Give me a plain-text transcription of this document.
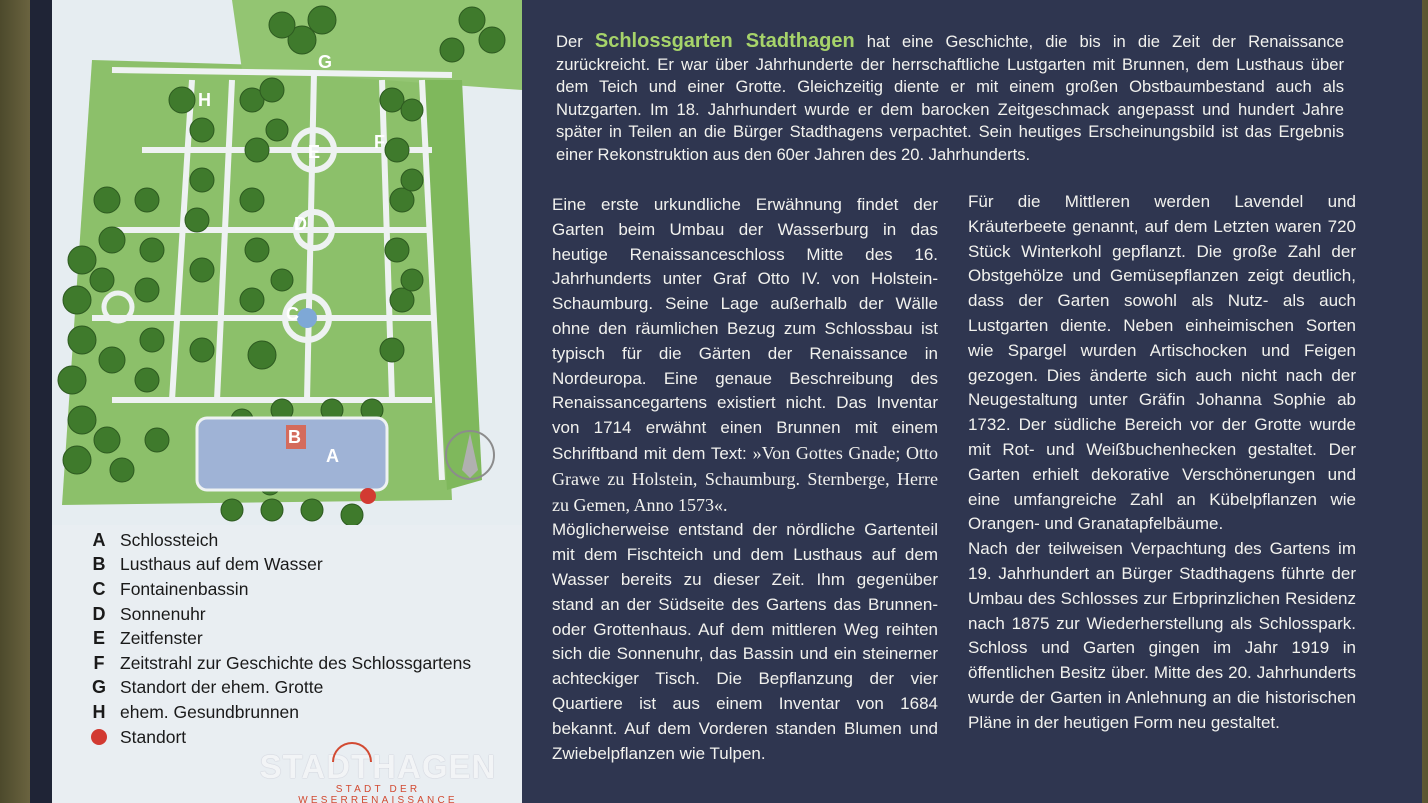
G
H
E	F
D
C
B
A
A Schlossteich
B Lusthaus auf dem Wasser
C Fontainenbassin
D Sonnenuhr
E Zeitfenster
F Zeitstrahl zur Geschichte des Schlossgartens
G Standort der ehem. Grotte
H ehem. Gesundbrunnen
Standort
STADTHAGEN
STADT DER WESERRENAISSANCE

Der Schlossgarten Stadthagen hat eine Geschichte, die bis in die Zeit der Renaissance zurückreicht. Er war über Jahrhunderte der herrschaftliche Lustgarten mit Brunnen, dem Lusthaus über dem Teich und einer Grotte. Gleichzeitig diente er mit einem großen Obstbaumbestand auch als Nutzgarten. Im 18. Jahrhundert wurde er dem barocken Zeitgeschmack angepasst und hundert Jahre später in Teilen an die Bürger Stadthagens verpachtet. Sein heutiges Erscheinungsbild ist das Ergebnis einer Rekonstruktion aus den 60er Jahren des 20. Jahrhunderts.

Eine erste urkundliche Erwähnung findet der Garten beim Umbau der Wasserburg in das heutige Renaissanceschloss Mitte des 16. Jahrhunderts unter Graf Otto IV. von Holstein-Schaumburg. Seine Lage außerhalb der Wälle ohne den räumlichen Bezug zum Schlossbau ist typisch für die Gärten der Renaissance in Nordeuropa. Eine genaue Beschreibung des Renaissancegartens existiert nicht. Das Inventar von 1714 erwähnt einen Brunnen mit einem Schriftband mit dem Text: »Von Gottes Gnade; Otto Grawe zu Holstein, Schaumburg. Sternberge, Herre zu Gemen, Anno 1573«.

Möglicherweise entstand der nördliche Gartenteil mit dem Fischteich und dem Lusthaus auf dem Wasser bereits zu dieser Zeit. Ihm gegenüber stand an der Südseite des Gartens das Brunnen- oder Grottenhaus. Auf dem mittleren Weg reihten sich die Sonnenuhr, das Bassin und ein steinerner achteckiger Tisch. Die Bepflanzung der vier Quartiere ist aus einem Inventar von 1684 bekannt. Auf dem Vorderen standen Blumen und Zwiebelpflanzen wie Tulpen.

Für die Mittleren werden Lavendel und Kräuterbeete genannt, auf dem Letzten waren 720 Stück Winterkohl gepflanzt. Die große Zahl der Obstgehölze und Gemüsepflanzen zeigt deutlich, dass der Garten sowohl als Nutz- als auch Lustgarten diente. Neben einheimischen Sorten wie Spargel wurden Artischocken und Feigen gezogen. Dies änderte sich auch nicht nach der Neugestaltung unter Gräfin Johanna Sophie ab 1732. Der südliche Bereich vor der Grotte wurde mit Rot- und Weißbuchenhecken gestaltet. Der Garten erhielt dekorative Verschönerungen und eine umfangreiche Zahl an Kübelpflanzen wie Orangen- und Granatapfelbäume.

Nach der teilweisen Verpachtung des Gartens im 19. Jahrhundert an Bürger Stadthagens führte der Umbau des Schlosses zur Erbprinzlichen Residenz nach 1875 zur Wiederherstellung als Schlosspark. Schloss und Garten gingen im Jahr 1919 in öffentlichen Besitz über. Mitte des 20. Jahrhunderts wurde der Garten in Anlehnung an die historischen Pläne in der heutigen Form neu gestaltet.
